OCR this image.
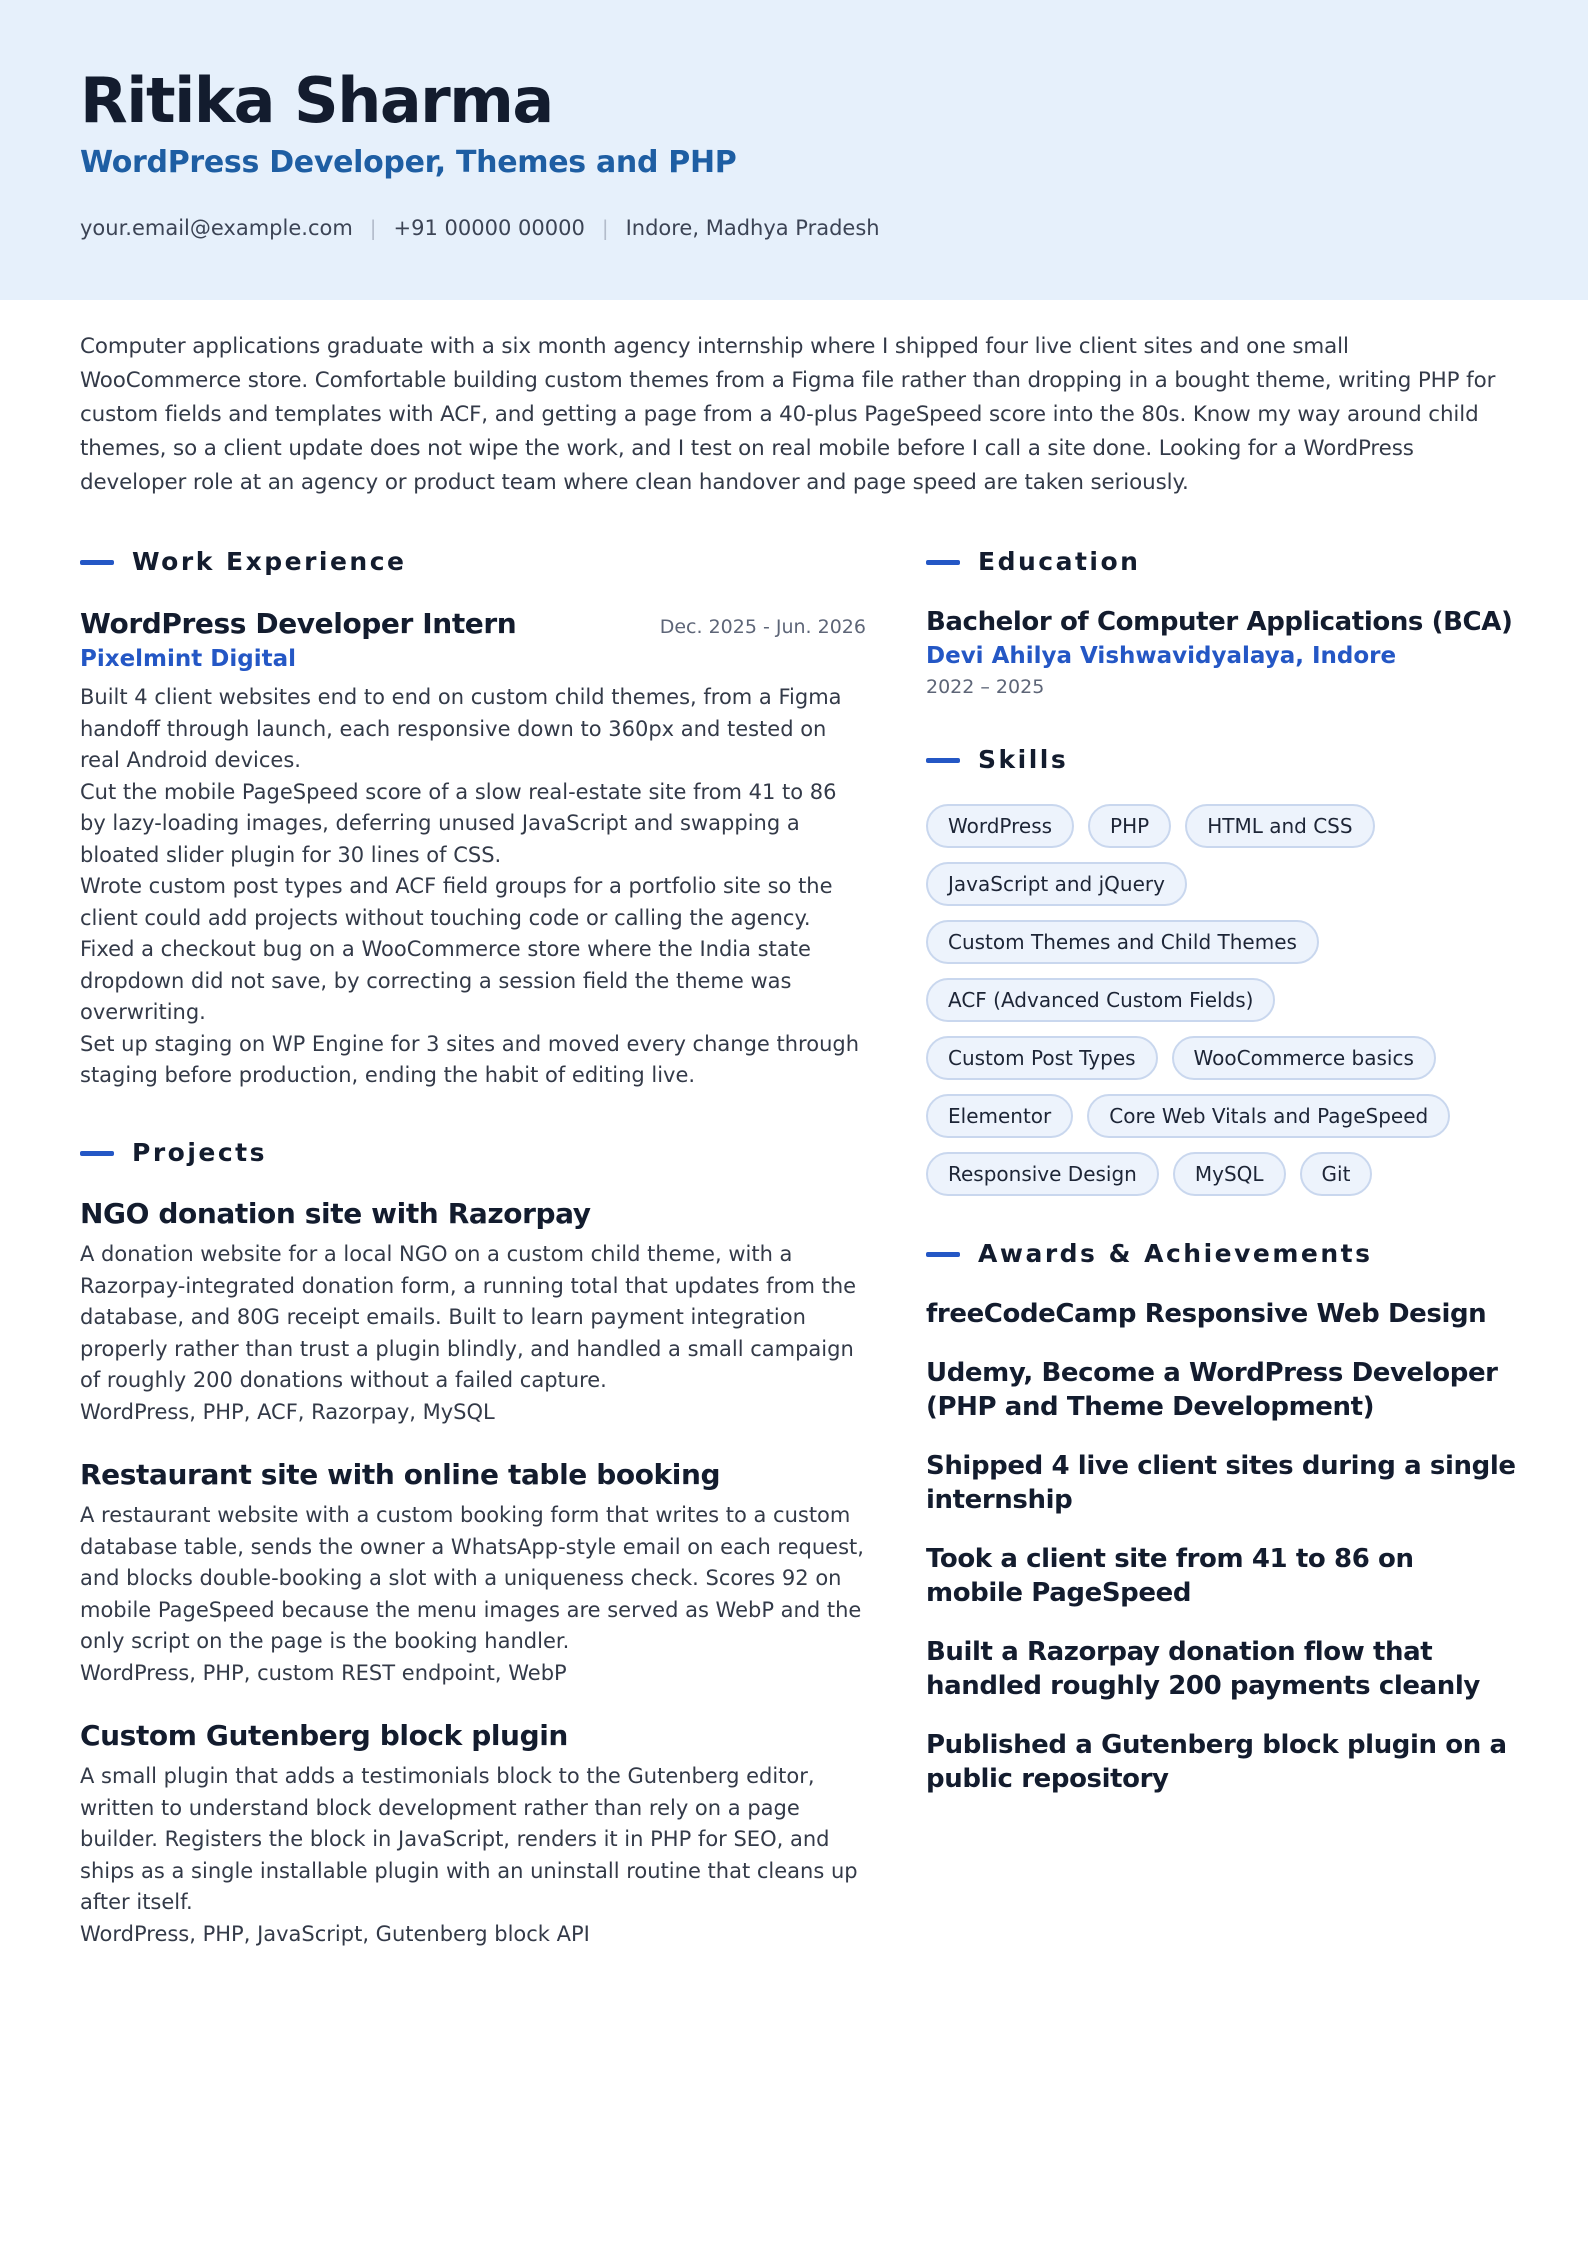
Ritika Sharma
WordPress Developer, Themes and PHP
your.email@example.com | +91 00000 00000 | Indore, Madhya Pradesh
Computer applications graduate with a six month agency internship where I shipped four live client sites and one small WooCommerce store. Comfortable building custom themes from a Figma file rather than dropping in a bought theme, writing PHP for custom fields and templates with ACF, and getting a page from a 40-plus PageSpeed score into the 80s. Know my way around child themes, so a client update does not wipe the work, and I test on real mobile before I call a site done. Looking for a WordPress developer role at an agency or product team where clean handover and page speed are taken seriously.
Work Experience
WordPress Developer Intern	Dec. 2025 - Jun. 2026
Pixelmint Digital
Built 4 client websites end to end on custom child themes, from a Figma handoff through launch, each responsive down to 360px and tested on real Android devices.
Cut the mobile PageSpeed score of a slow real-estate site from 41 to 86 by lazy-loading images, deferring unused JavaScript and swapping a bloated slider plugin for 30 lines of CSS.
Wrote custom post types and ACF field groups for a portfolio site so the client could add projects without touching code or calling the agency.
Fixed a checkout bug on a WooCommerce store where the India state dropdown did not save, by correcting a session field the theme was overwriting.
Set up staging on WP Engine for 3 sites and moved every change through staging before production, ending the habit of editing live.
Projects
NGO donation site with Razorpay
A donation website for a local NGO on a custom child theme, with a Razorpay-integrated donation form, a running total that updates from the database, and 80G receipt emails. Built to learn payment integration properly rather than trust a plugin blindly, and handled a small campaign of roughly 200 donations without a failed capture.
WordPress, PHP, ACF, Razorpay, MySQL
Restaurant site with online table booking
A restaurant website with a custom booking form that writes to a custom database table, sends the owner a WhatsApp-style email on each request, and blocks double-booking a slot with a uniqueness check. Scores 92 on mobile PageSpeed because the menu images are served as WebP and the only script on the page is the booking handler.
WordPress, PHP, custom REST endpoint, WebP
Custom Gutenberg block plugin
A small plugin that adds a testimonials block to the Gutenberg editor, written to understand block development rather than rely on a page builder. Registers the block in JavaScript, renders it in PHP for SEO, and ships as a single installable plugin with an uninstall routine that cleans up after itself.
WordPress, PHP, JavaScript, Gutenberg block API
Education
Bachelor of Computer Applications (BCA)
Devi Ahilya Vishwavidyalaya, Indore
2022 – 2025
Skills
WordPress	PHP	HTML and CSS
JavaScript and jQuery
Custom Themes and Child Themes
ACF (Advanced Custom Fields)
Custom Post Types	WooCommerce basics
Elementor	Core Web Vitals and PageSpeed
Responsive Design	MySQL	Git
Awards & Achievements
freeCodeCamp Responsive Web Design
Udemy, Become a WordPress Developer (PHP and Theme Development)
Shipped 4 live client sites during a single internship
Took a client site from 41 to 86 on mobile PageSpeed
Built a Razorpay donation flow that handled roughly 200 payments cleanly
Published a Gutenberg block plugin on a public repository
